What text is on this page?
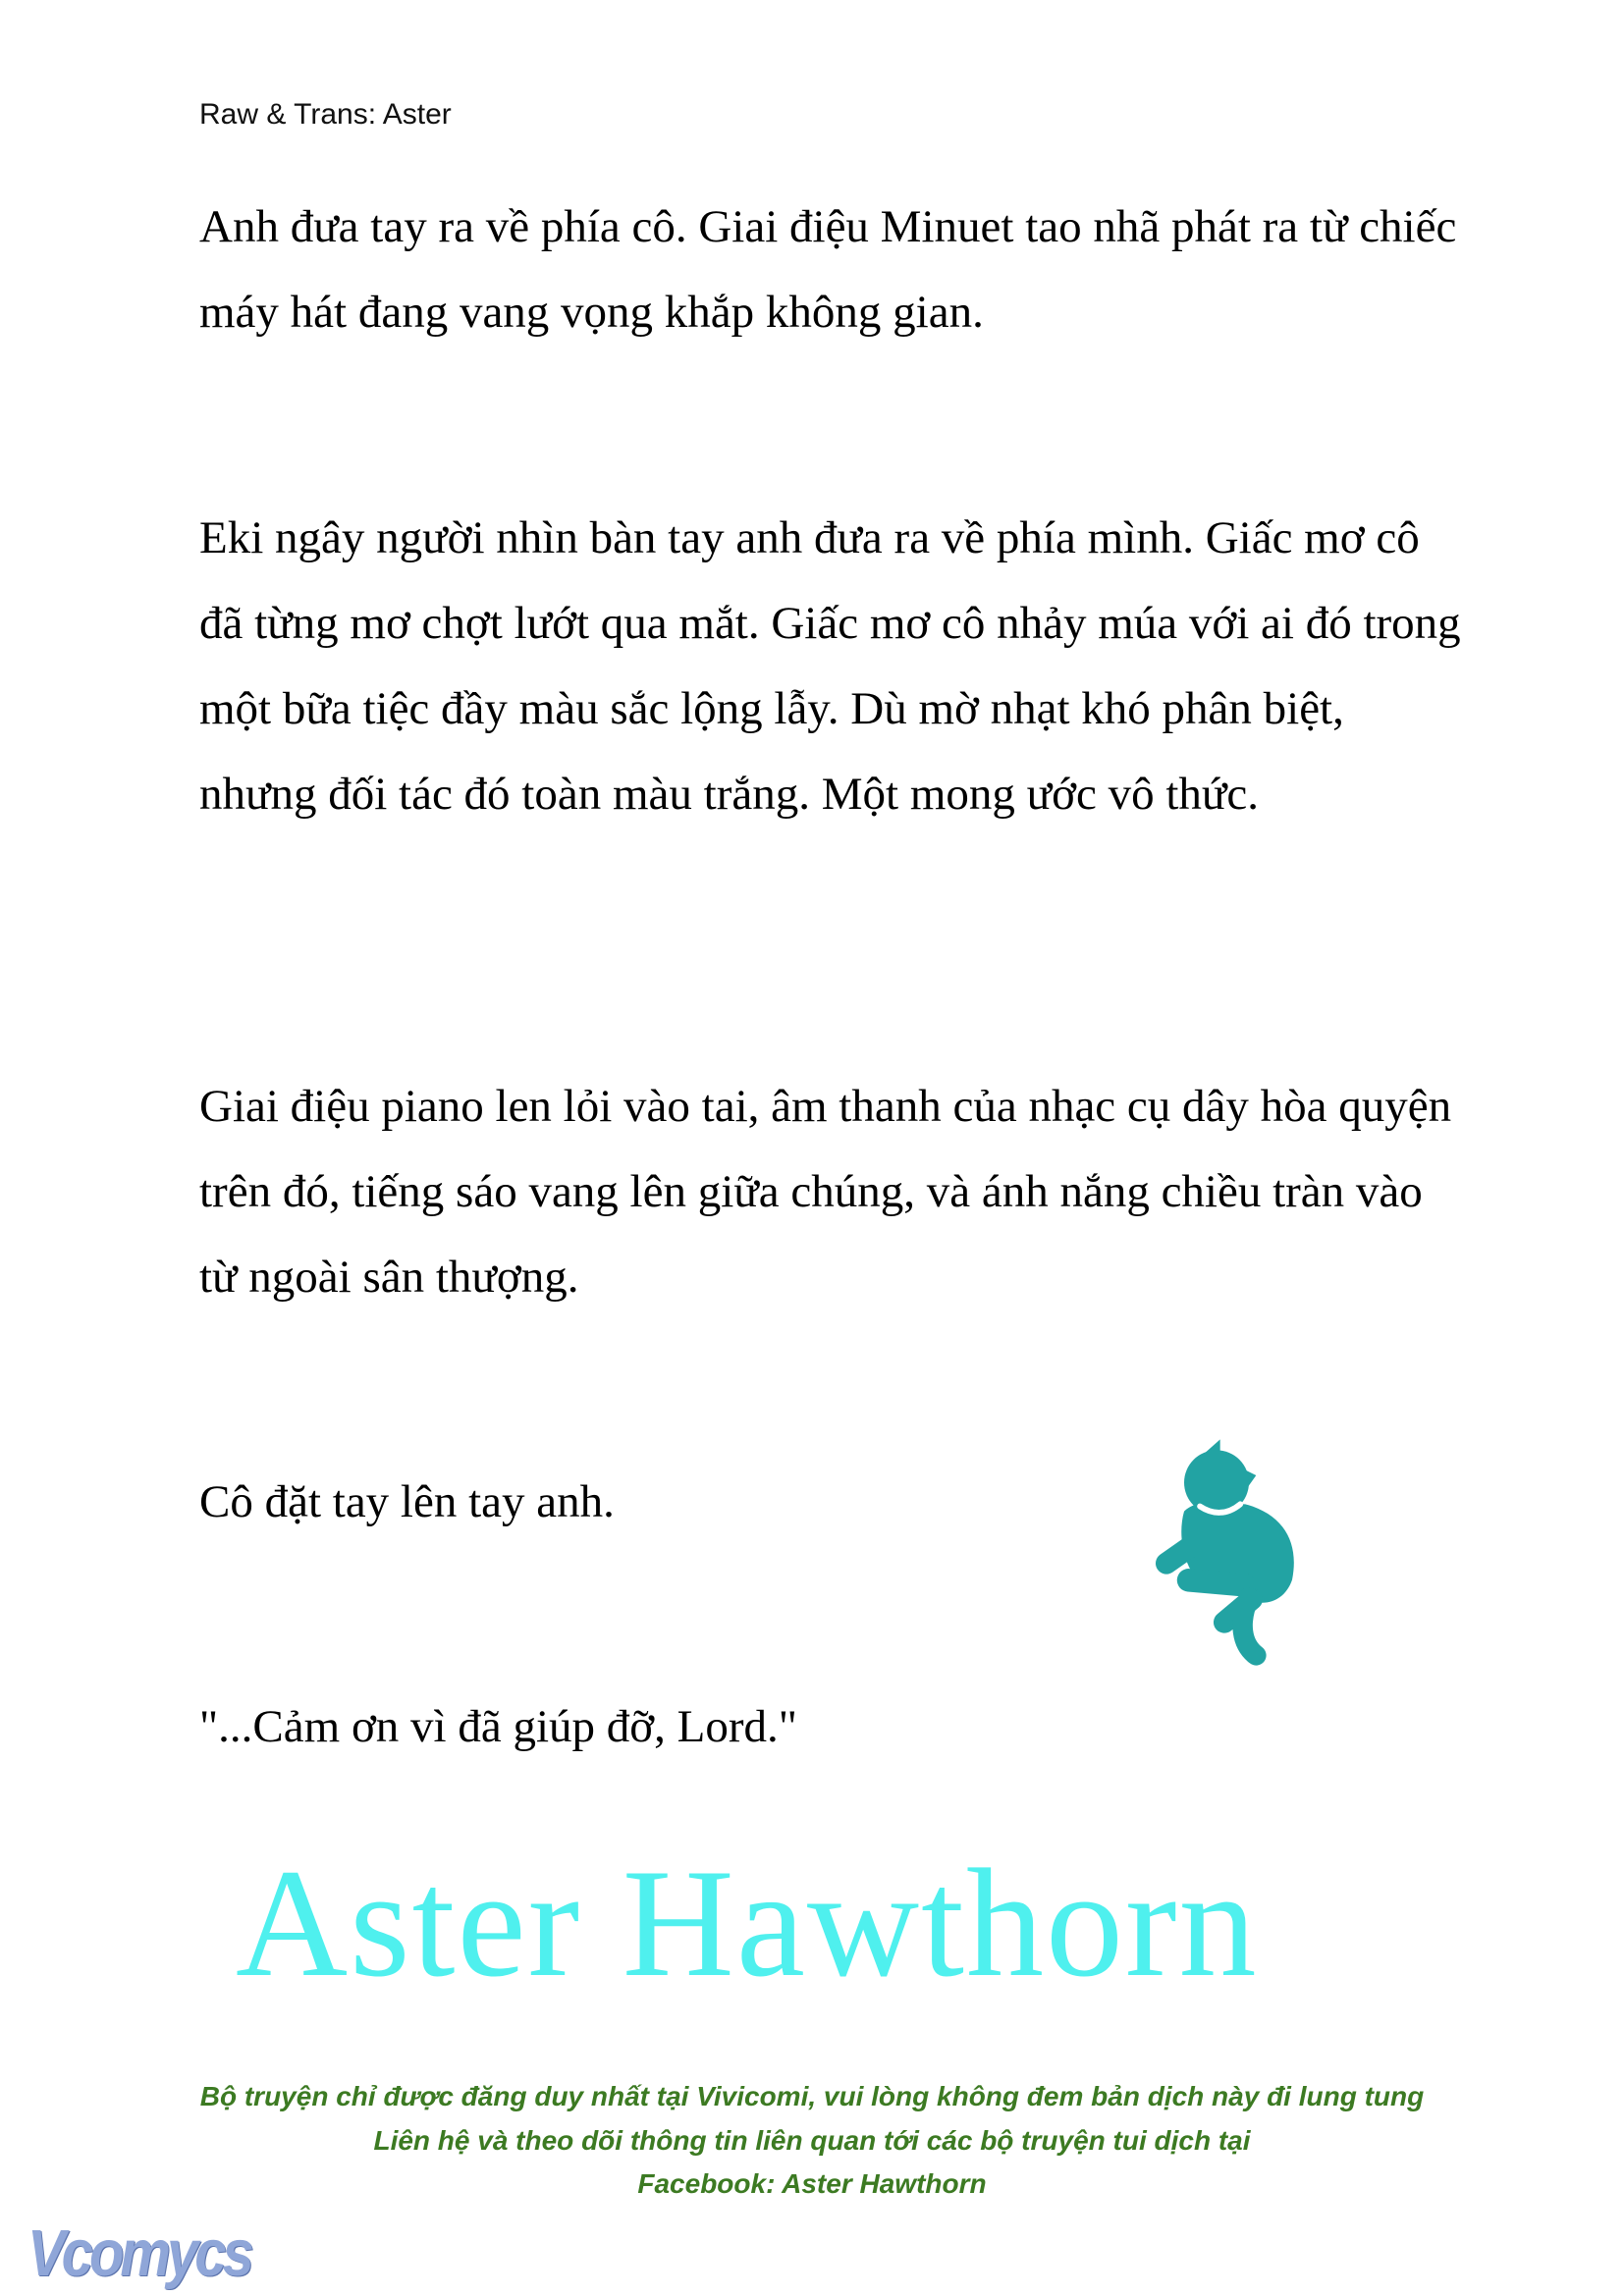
Raw & Trans: Aster

Anh đưa tay ra về phía cô. Giai điệu Minuet tao nhã phát ra từ chiếc máy hát đang vang vọng khắp không gian.

Eki ngây người nhìn bàn tay anh đưa ra về phía mình. Giấc mơ cô đã từng mơ chợt lướt qua mắt. Giấc mơ cô nhảy múa với ai đó trong một bữa tiệc đầy màu sắc lộng lẫy. Dù mờ nhạt khó phân biệt, nhưng đối tác đó toàn màu trắng. Một mong ước vô thức.

Giai điệu piano len lỏi vào tai, âm thanh của nhạc cụ dây hòa quyện trên đó, tiếng sáo vang lên giữa chúng, và ánh nắng chiều tràn vào từ ngoài sân thượng.

Cô đặt tay lên tay anh.

"...Cảm ơn vì đã giúp đỡ, Lord."

Aster Hawthorn
Bộ truyện chỉ được đăng duy nhất tại Vivicomi, vui lòng không đem bản dịch này đi lung tung
Liên hệ và theo dõi thông tin liên quan tới các bộ truyện tui dịch tại
Facebook: Aster Hawthorn
Vcomycs
